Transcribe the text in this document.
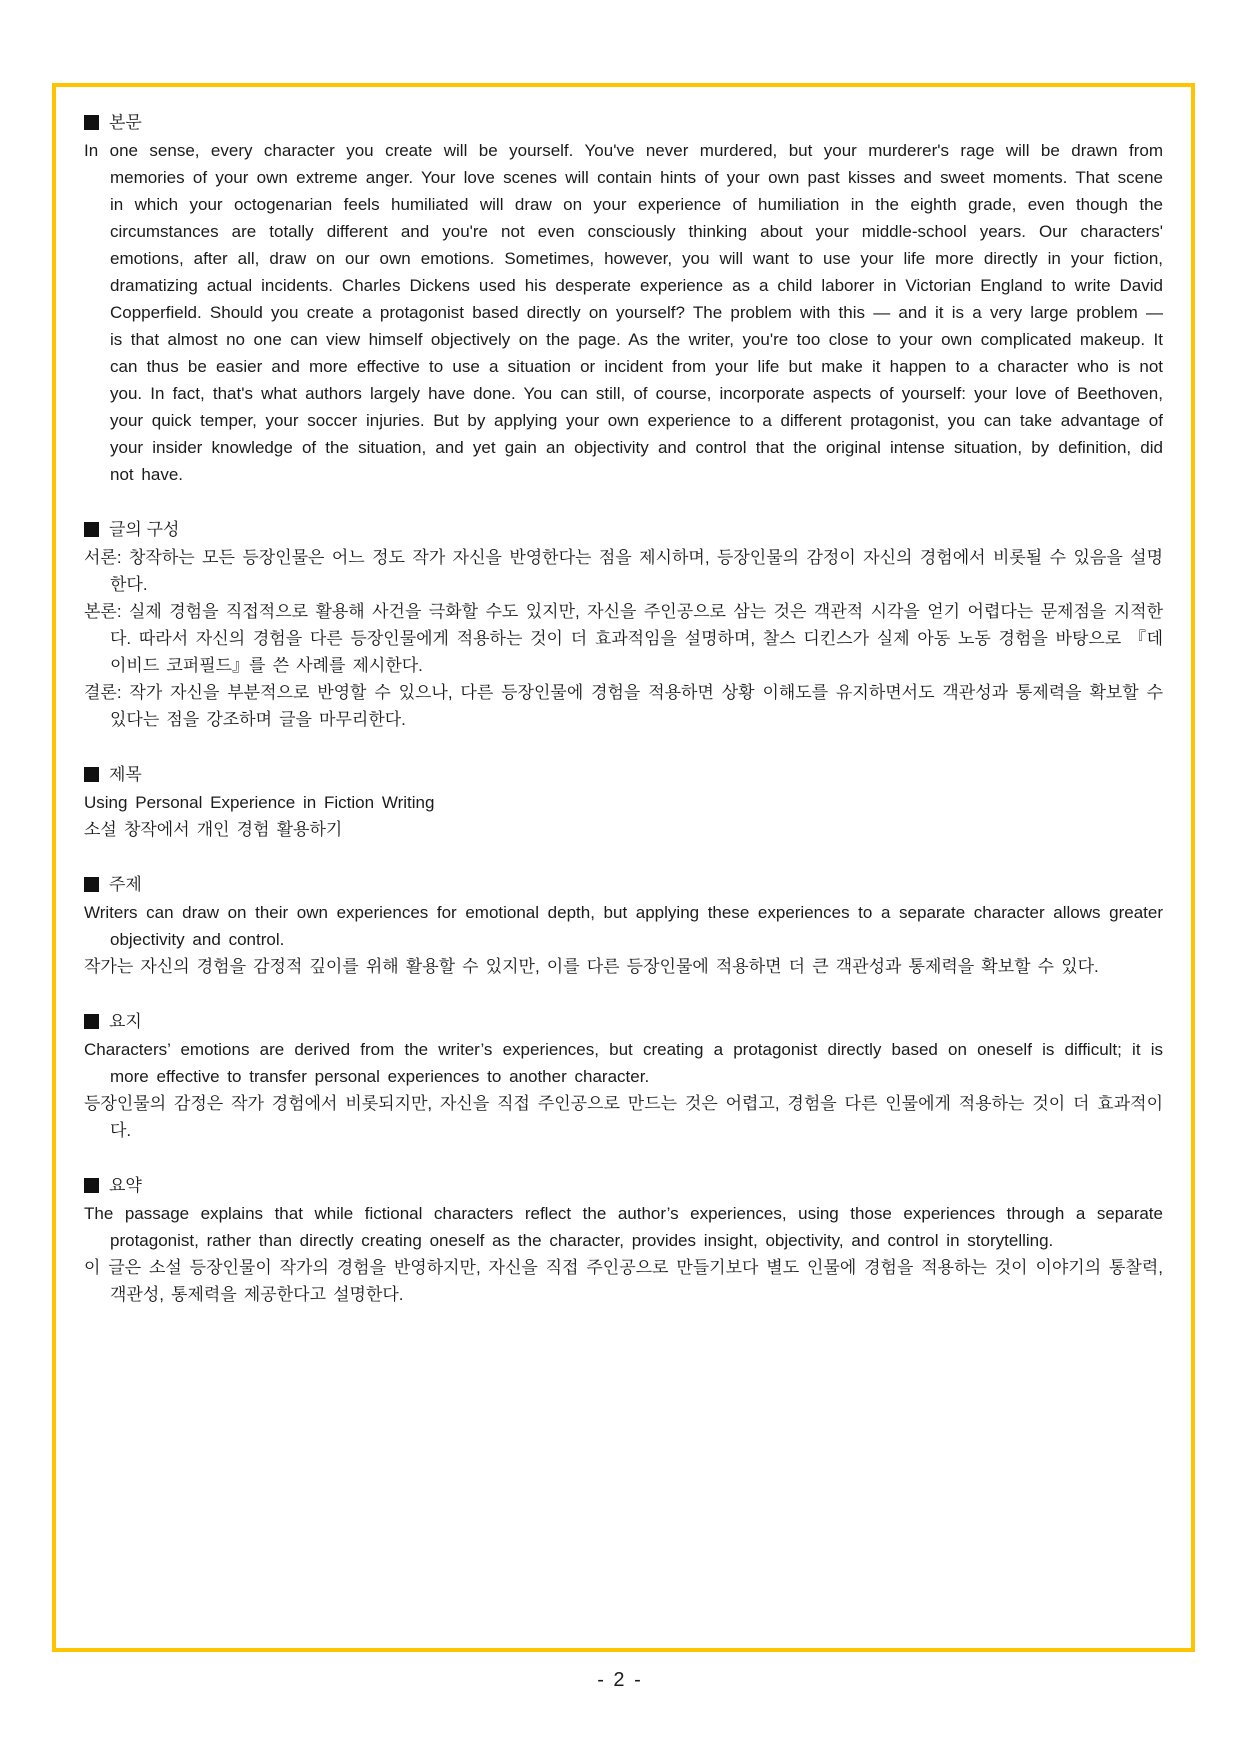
본문

In one sense, every character you create will be yourself. You've never murdered, but your murderer's rage will be drawn from memories of your own extreme anger. Your love scenes will contain hints of your own past kisses and sweet moments. That scene in which your octogenarian feels humiliated will draw on your experience of humiliation in the eighth grade, even though the circumstances are totally different and you're not even consciously thinking about your middle-school years. Our characters' emotions, after all, draw on our own emotions. Sometimes, however, you will want to use your life more directly in your fiction, dramatizing actual incidents. Charles Dickens used his desperate experience as a child laborer in Victorian England to write David Copperfield. Should you create a protagonist based directly on yourself? The problem with this — and it is a very large problem — is that almost no one can view himself objectively on the page. As the writer, you're too close to your own complicated makeup. It can thus be easier and more effective to use a situation or incident from your life but make it happen to a character who is not you. In fact, that's what authors largely have done. You can still, of course, incorporate aspects of yourself: your love of Beethoven, your quick temper, your soccer injuries. But by applying your own experience to a different protagonist, you can take advantage of your insider knowledge of the situation, and yet gain an objectivity and control that the original intense situation, by definition, did not have.

글의 구성

서론: 창작하는 모든 등장인물은 어느 정도 작가 자신을 반영한다는 점을 제시하며, 등장인물의 감정이 자신의 경험에서 비롯될 수 있음을 설명한다.

본론: 실제 경험을 직접적으로 활용해 사건을 극화할 수도 있지만, 자신을 주인공으로 삼는 것은 객관적 시각을 얻기 어렵다는 문제점을 지적한다. 따라서 자신의 경험을 다른 등장인물에게 적용하는 것이 더 효과적임을 설명하며, 찰스 디킨스가 실제 아동 노동 경험을 바탕으로 『데이비드 코퍼필드』를 쓴 사례를 제시한다.

결론: 작가 자신을 부분적으로 반영할 수 있으나, 다른 등장인물에 경험을 적용하면 상황 이해도를 유지하면서도 객관성과 통제력을 확보할 수 있다는 점을 강조하며 글을 마무리한다.

제목

Using Personal Experience in Fiction Writing

소설 창작에서 개인 경험 활용하기

주제

Writers can draw on their own experiences for emotional depth, but applying these experiences to a separate character allows greater objectivity and control.

작가는 자신의 경험을 감정적 깊이를 위해 활용할 수 있지만, 이를 다른 등장인물에 적용하면 더 큰 객관성과 통제력을 확보할 수 있다.

요지

Characters’ emotions are derived from the writer’s experiences, but creating a protagonist directly based on oneself is difficult; it is more effective to transfer personal experiences to another character.

등장인물의 감정은 작가 경험에서 비롯되지만, 자신을 직접 주인공으로 만드는 것은 어렵고, 경험을 다른 인물에게 적용하는 것이 더 효과적이다.

요약

The passage explains that while fictional characters reflect the author’s experiences, using those experiences through a separate protagonist, rather than directly creating oneself as the character, provides insight, objectivity, and control in storytelling.

이 글은 소설 등장인물이 작가의 경험을 반영하지만, 자신을 직접 주인공으로 만들기보다 별도 인물에 경험을 적용하는 것이 이야기의 통찰력, 객관성, 통제력을 제공한다고 설명한다.

- 2 -
